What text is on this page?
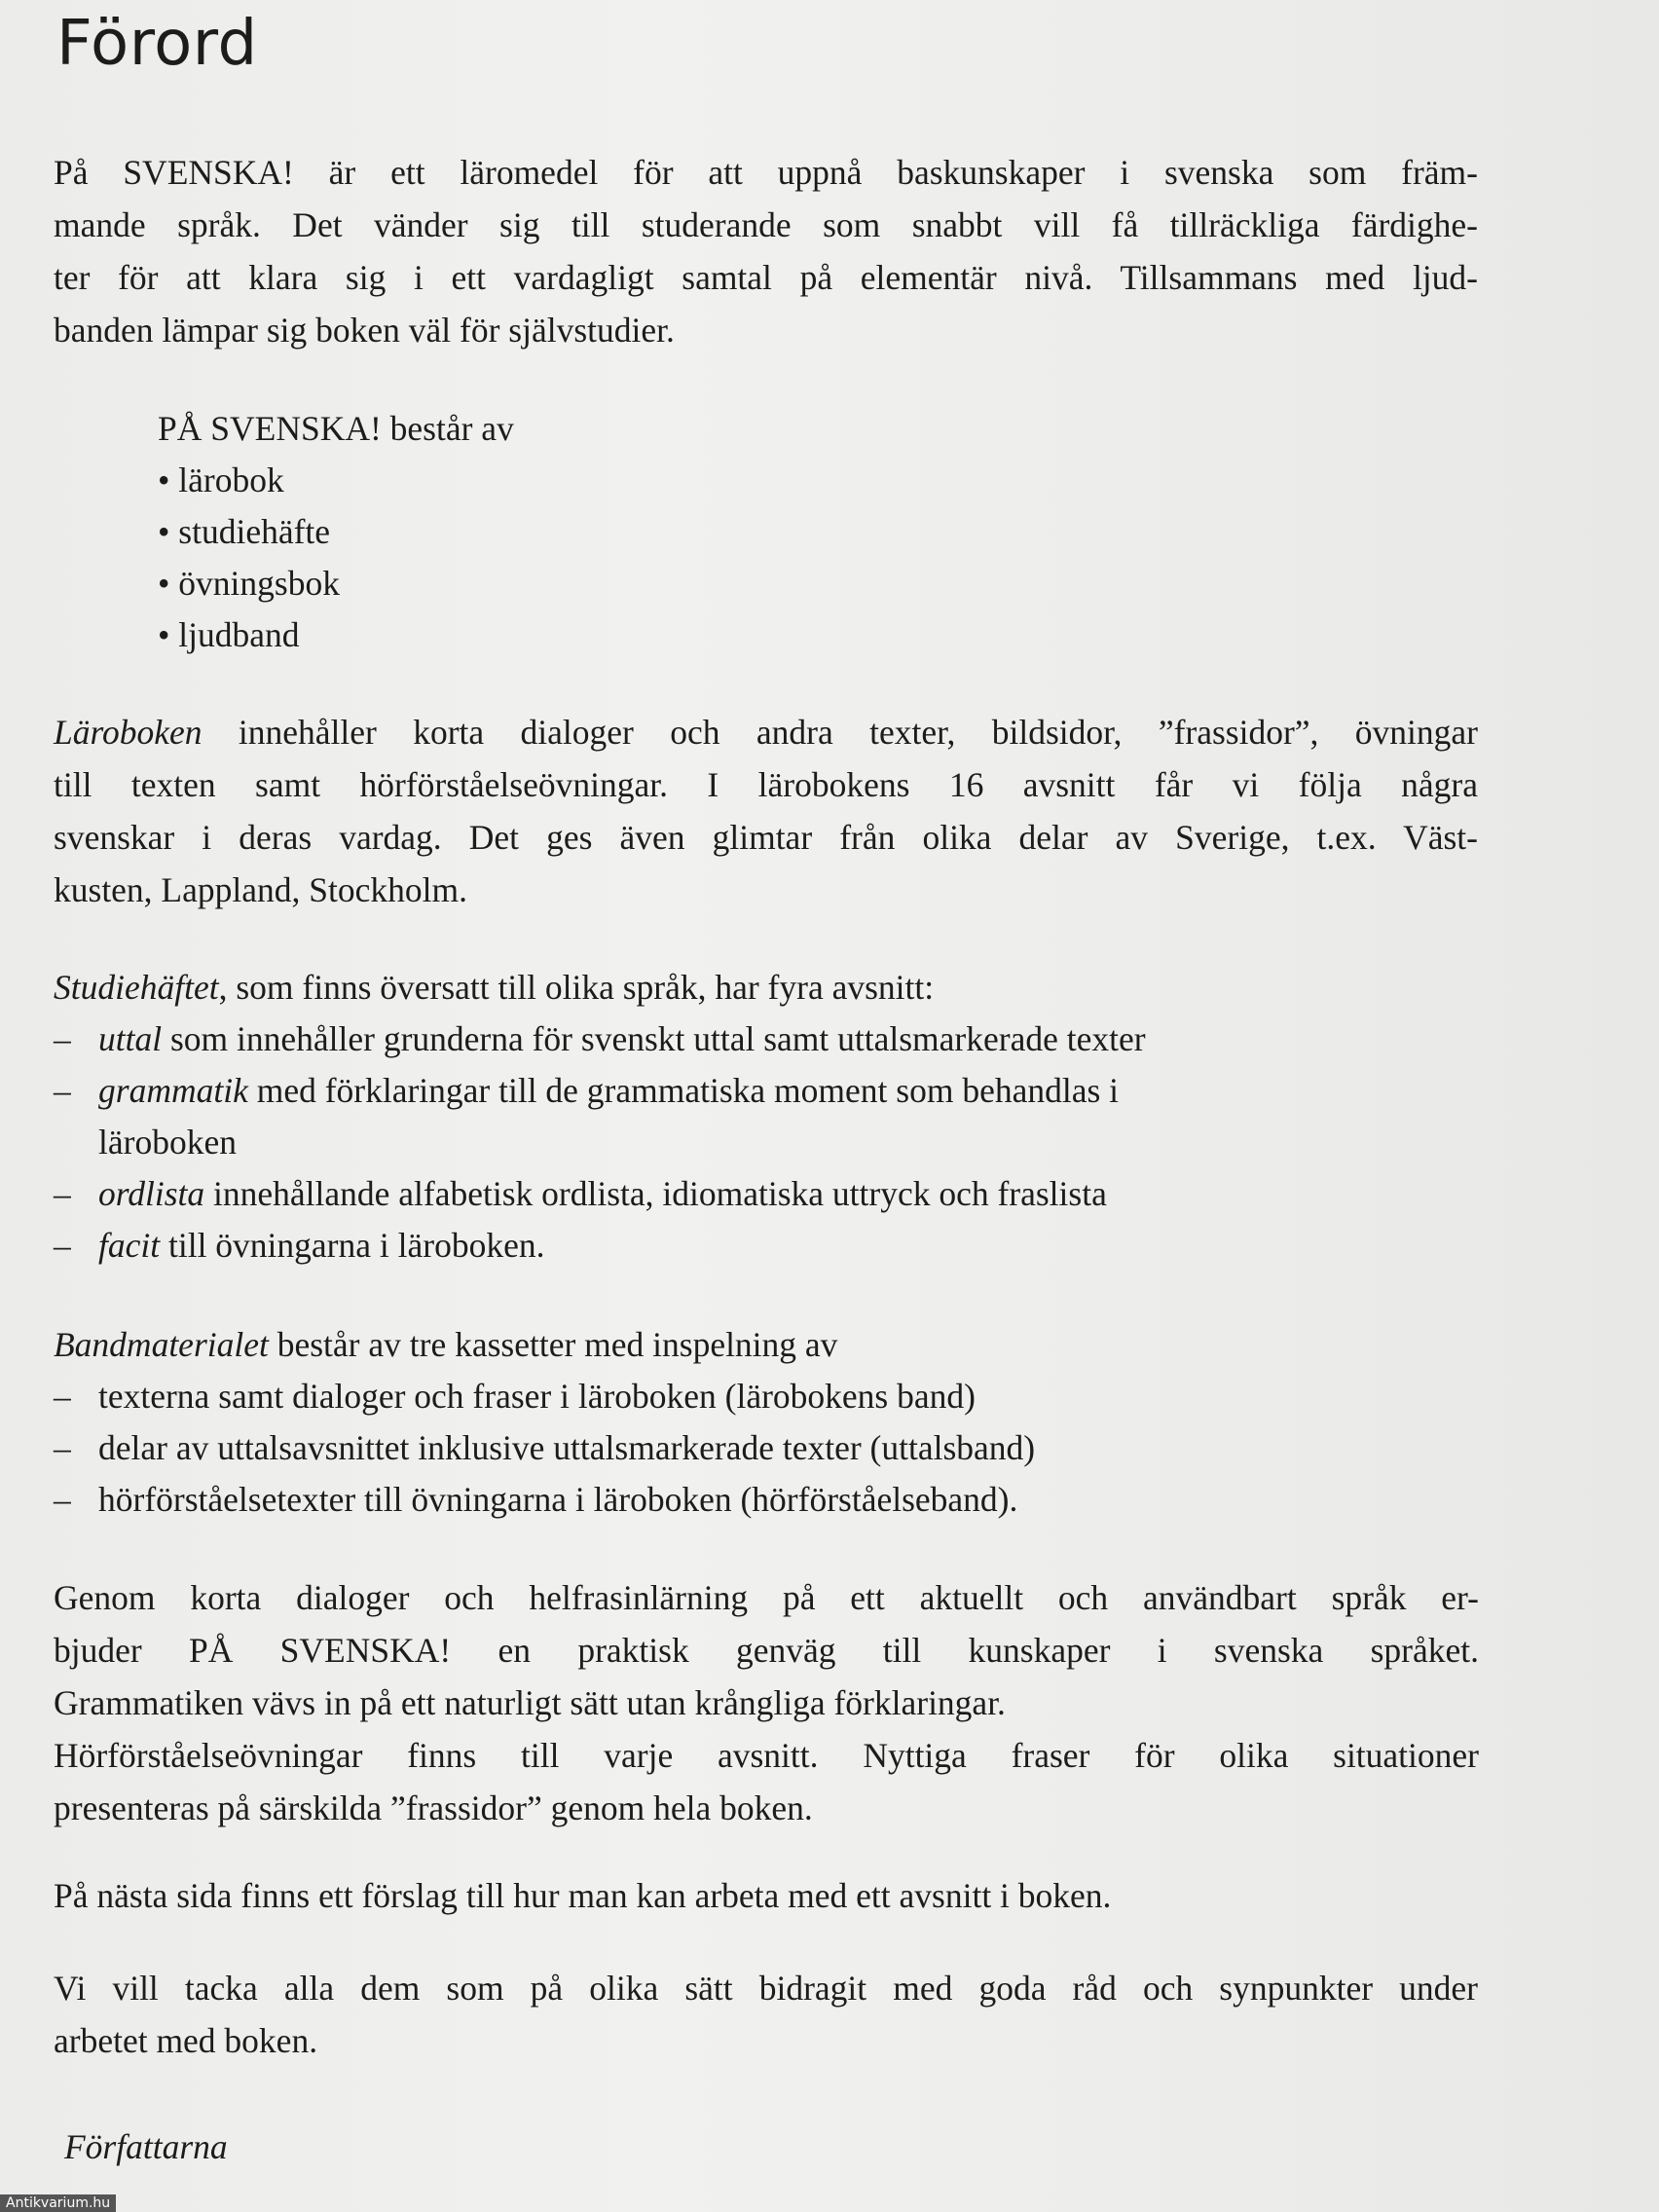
Förord

På SVENSKA! är ett läromedel för att uppnå baskunskaper i svenska som främ-
mande språk. Det vänder sig till studerande som snabbt vill få tillräckliga färdighe-
ter för att klara sig i ett vardagligt samtal på elementär nivå. Tillsammans med ljud-
banden lämpar sig boken väl för självstudier.

PÅ SVENSKA! består av
• lärobok
• studiehäfte
• övningsbok
• ljudband

Läroboken innehåller korta dialoger och andra texter, bildsidor, ”frassidor”, övningar
till texten samt hörförståelseövningar. I lärobokens 16 avsnitt får vi följa några
svenskar i deras vardag. Det ges även glimtar från olika delar av Sverige, t.ex. Väst-
kusten, Lappland, Stockholm.

Studiehäftet, som finns översatt till olika språk, har fyra avsnitt:
– uttal som innehåller grunderna för svenskt uttal samt uttalsmarkerade texter
– grammatik med förklaringar till de grammatiska moment som behandlas i
läroboken
– ordlista innehållande alfabetisk ordlista, idiomatiska uttryck och fraslista
– facit till övningarna i läroboken.
Bandmaterialet består av tre kassetter med inspelning av
– texterna samt dialoger och fraser i läroboken (lärobokens band)
– delar av uttalsavsnittet inklusive uttalsmarkerade texter (uttalsband)
– hörförståelsetexter till övningarna i läroboken (hörförståelseband).

Genom korta dialoger och helfrasinlärning på ett aktuellt och användbart språk er-
bjuder PÅ SVENSKA! en praktisk genväg till kunskaper i svenska språket.
Grammatiken vävs in på ett naturligt sätt utan krångliga förklaringar.
Hörförståelseövningar finns till varje avsnitt. Nyttiga fraser för olika situationer
presenteras på särskilda ”frassidor” genom hela boken.

På nästa sida finns ett förslag till hur man kan arbeta med ett avsnitt i boken.

Vi vill tacka alla dem som på olika sätt bidragit med goda råd och synpunkter under
arbetet med boken.

Författarna
Antikvarium.hu
